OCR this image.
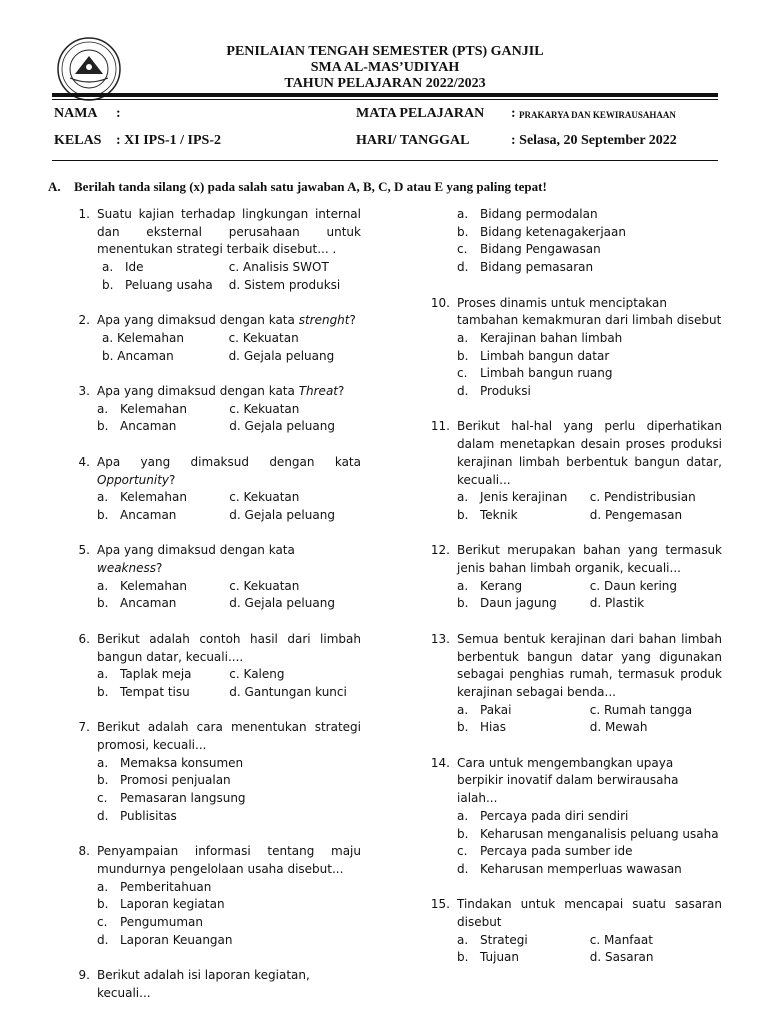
PENILAIAN TENGAH SEMESTER (PTS) GANJIL
SMA AL-MAS’UDIYAH
TAHUN PELAJARAN 2022/2023
NAMA :
KELAS : XI IPS-1 / IPS-2
MATA PELAJARAN : PRAKARYA DAN KEWIRAUSAHAAN
HARI/ TANGGAL	: Selasa, 20 September 2022
A. Berilah tanda silang (x) pada salah satu jawaban A, B, C, D atau E yang paling tepat!
1. Suatu kajian terhadap lingkungan internal dan eksternal perusahaan untuk menentukan strategi terbaik disebut... .
a. Ide	c. Analisis SWOT
b. Peluang usaha	d. Sistem produksi
2. Apa yang dimaksud dengan kata strenght?
a. Kelemahan	c. Kekuatan
b. Ancaman	d. Gejala peluang
3. Apa yang dimaksud dengan kata Threat?
a. Kelemahan	c. Kekuatan
b. Ancaman	d. Gejala peluang
4. Apa yang dimaksud dengan kata
Opportunity?
a. Kelemahan	c. Kekuatan
b. Ancaman	d. Gejala peluang
5. Apa yang dimaksud dengan kata weakness?
a. Kelemahan	c. Kekuatan
b. Ancaman	d. Gejala peluang
6. Berikut adalah contoh hasil dari limbah bangun datar, kecuali....
a. Taplak meja	c. Kaleng
b. Tempat tisu	d. Gantungan kunci
7. Berikut adalah cara menentukan strategi promosi, kecuali...
a. Memaksa konsumen
b. Promosi penjualan
c. Pemasaran langsung
d. Publisitas
8. Penyampaian informasi tentang maju mundurnya pengelolaan usaha disebut...
a. Pemberitahuan
b. Laporan kegiatan
c. Pengumuman
d. Laporan Keuangan
9. Berikut adalah isi laporan kegiatan, kecuali...
a. Bidang permodalan
b. Bidang ketenagakerjaan
c. Bidang Pengawasan
d. Bidang pemasaran
10. Proses dinamis untuk menciptakan tambahan kemakmuran dari limbah disebut
a. Kerajinan bahan limbah
b. Limbah bangun datar
c. Limbah bangun ruang
d. Produksi
11. Berikut hal-hal yang perlu diperhatikan dalam menetapkan desain proses produksi kerajinan limbah berbentuk bangun datar, kecuali...
a. Jenis kerajinan	c. Pendistribusian
b. Teknik	d. Pengemasan
12. Berikut merupakan bahan yang termasuk jenis bahan limbah organik, kecuali...
a. Kerang	c. Daun kering
b. Daun jagung	d. Plastik
13. Semua bentuk kerajinan dari bahan limbah berbentuk bangun datar yang digunakan sebagai penghias rumah, termasuk produk kerajinan sebagai benda...
a. Pakai	c. Rumah tangga
b. Hias	d. Mewah
14. Cara untuk mengembangkan upaya berpikir inovatif dalam berwirausaha ialah...
a. Percaya pada diri sendiri
b. Keharusan menganalisis peluang usaha
c. Percaya pada sumber ide
d. Keharusan memperluas wawasan
15. Tindakan untuk mencapai suatu sasaran disebut
a. Strategi	c. Manfaat
b. Tujuan	d. Sasaran
